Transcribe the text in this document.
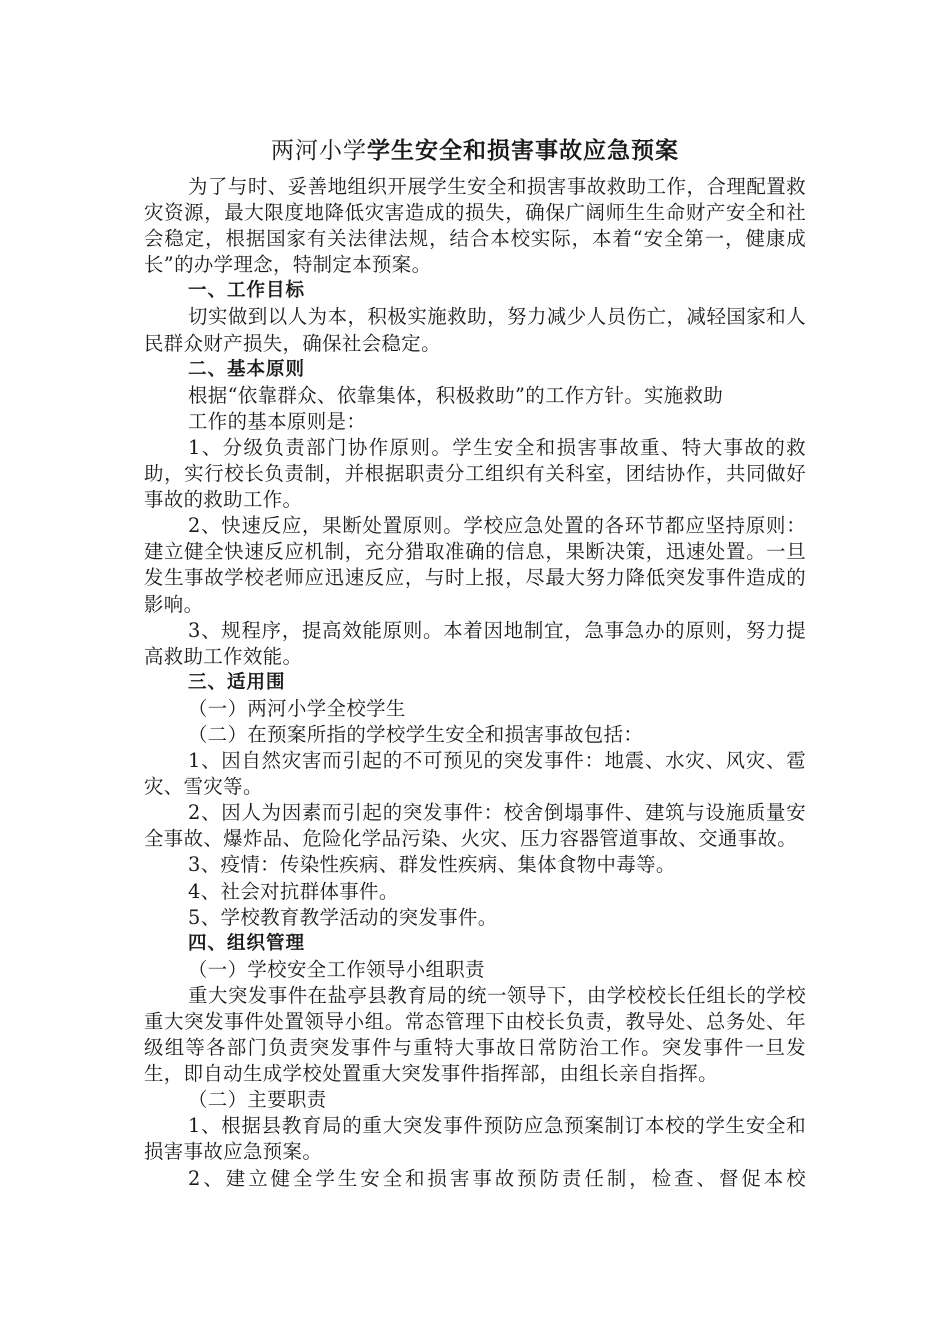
两河小学学生安全和损害事故应急预案

为了与时、妥善地组织开展学生安全和损害事故救助工作，合理配置救灾资源，最大限度地降低灾害造成的损失，确保广阔师生生命财产安全和社会稳定，根据国家有关法律法规，结合本校实际，本着“安全第一，健康成长”的办学理念，特制定本预案。

一、工作目标

切实做到以人为本，积极实施救助，努力减少人员伤亡，减轻国家和人民群众财产损失，确保社会稳定。

二、基本原则

根据“依靠群众、依靠集体，积极救助”的工作方针。实施救助

工作的基本原则是：

1、分级负责部门协作原则。学生安全和损害事故重、特大事故的救助，实行校长负责制，并根据职责分工组织有关科室，团结协作，共同做好事故的救助工作。

2、快速反应，果断处置原则。学校应急处置的各环节都应坚持原则：建立健全快速反应机制，充分猎取准确的信息，果断决策，迅速处置。一旦发生事故学校老师应迅速反应，与时上报，尽最大努力降低突发事件造成的影响。

3、规程序，提高效能原则。本着因地制宜，急事急办的原则，努力提高救助工作效能。

三、适用围

（一）两河小学全校学生

（二）在预案所指的学校学生安全和损害事故包括：

1、因自然灾害而引起的不可预见的突发事件：地震、水灾、风灾、雹灾、雪灾等。

2、因人为因素而引起的突发事件：校舍倒塌事件、建筑与设施质量安全事故、爆炸品、危险化学品污染、火灾、压力容器管道事故、交通事故。

3、疫情：传染性疾病、群发性疾病、集体食物中毒等。

4、社会对抗群体事件。

5、学校教育教学活动的突发事件。

四、组织管理

（一）学校安全工作领导小组职责

重大突发事件在盐亭县教育局的统一领导下，由学校校长任组长的学校重大突发事件处置领导小组。常态管理下由校长负责，教导处、总务处、年级组等各部门负责突发事件与重特大事故日常防治工作。突发事件一旦发生，即自动生成学校处置重大突发事件指挥部，由组长亲自指挥。

（二）主要职责

1、根据县教育局的重大突发事件预防应急预案制订本校的学生安全和损害事故应急预案。

2、建立健全学生安全和损害事故预防责任制，检查、督促本校
